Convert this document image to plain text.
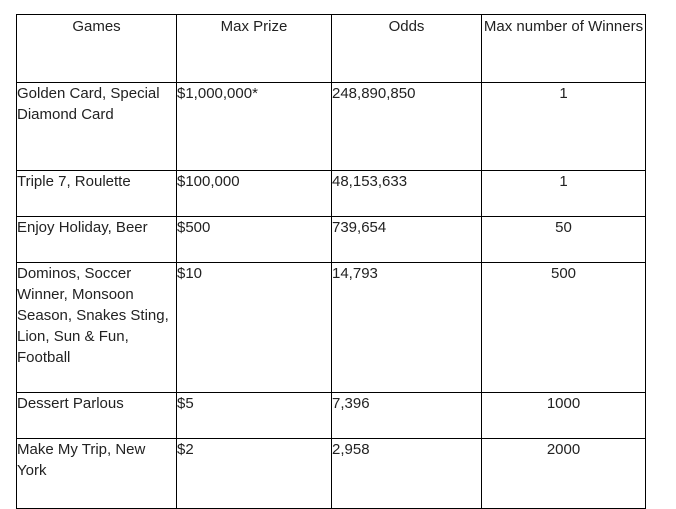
Games	Max Prize	Odds	Max number of Winners
Golden Card, Special Diamond Card	$1,000,000*	248,890,850	1
Triple 7, Roulette	$100,000	48,153,633	1
Enjoy Holiday, Beer	$500	739,654	50
Dominos, Soccer Winner, Monsoon Season, Snakes Sting, Lion, Sun & Fun, Football	$10	14,793	500
Dessert Parlous	$5	7,396	1000
Make My Trip, New York	$2	2,958	2000
